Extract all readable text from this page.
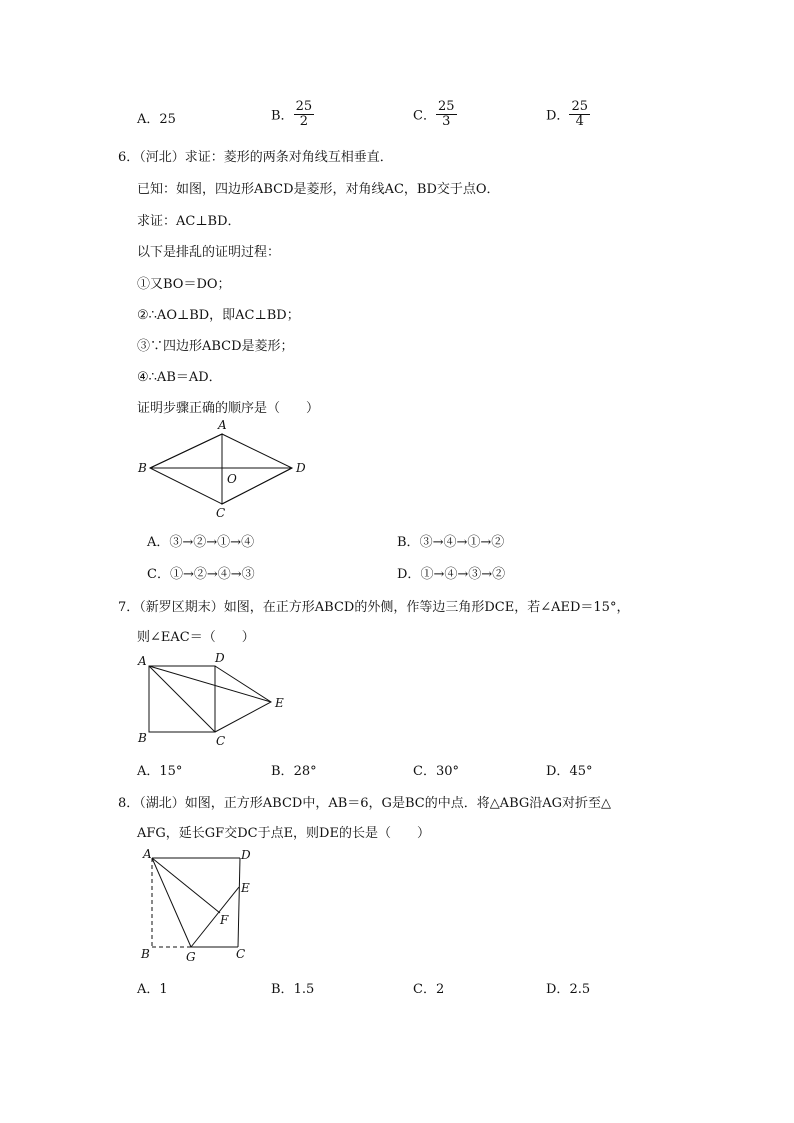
A．25	B． $\frac{25}{2}$	C． $\frac{25}{3}$	D． $\frac{25}{4}$
6．（河北）求证：菱形的两条对角线互相垂直．
已知：如图，四边形ABCD是菱形，对角线AC，BD交于点O．
求证：AC⊥BD．
以下是排乱的证明过程：
①又BO＝DO；
②∴AO⊥BD，即AC⊥BD；
③∵四边形ABCD是菱形；
④∴AB＝AD．
证明步骤正确的顺序是（　　）
A
B	D
O
C
A．③→②→①→④	B．③→④→①→②
C．①→②→④→③	D．①→④→③→②
7．（新罗区期末）如图，在正方形ABCD的外侧，作等边三角形DCE，若∠AED＝15°，
则∠EAC＝（　　）
A	D
E
B	C
A．15°	B．28°	C．30°	D．45°
8．（湖北）如图，正方形ABCD中，AB＝6，G是BC的中点．将△ABG沿AG对折至△
AFG，延长GF交DC于点E，则DE的长是（　　）
A	D
E
F
B	G	C
A．1	B．1.5	C．2	D．2.5
